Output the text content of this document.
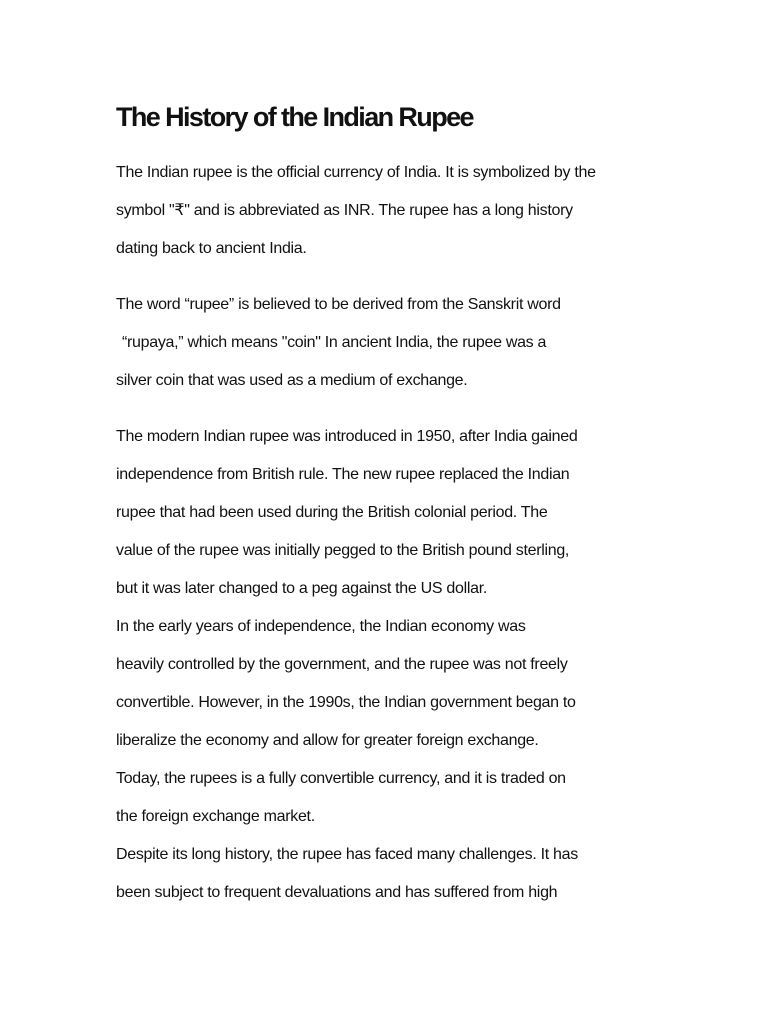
The History of the Indian Rupee

The Indian rupee is the official currency of India. It is symbolized by the
symbol "₹" and is abbreviated as INR. The rupee has a long history
dating back to ancient India.

The word “rupee” is believed to be derived from the Sanskrit word
“rupaya,” which means "coin" In ancient India, the rupee was a
silver coin that was used as a medium of exchange.

The modern Indian rupee was introduced in 1950, after India gained
independence from British rule. The new rupee replaced the Indian
rupee that had been used during the British colonial period. The
value of the rupee was initially pegged to the British pound sterling,
but it was later changed to a peg against the US dollar.
In the early years of independence, the Indian economy was
heavily controlled by the government, and the rupee was not freely
convertible. However, in the 1990s, the Indian government began to
liberalize the economy and allow for greater foreign exchange.
Today, the rupees is a fully convertible currency, and it is traded on
the foreign exchange market.
Despite its long history, the rupee has faced many challenges. It has
been subject to frequent devaluations and has suffered from high
